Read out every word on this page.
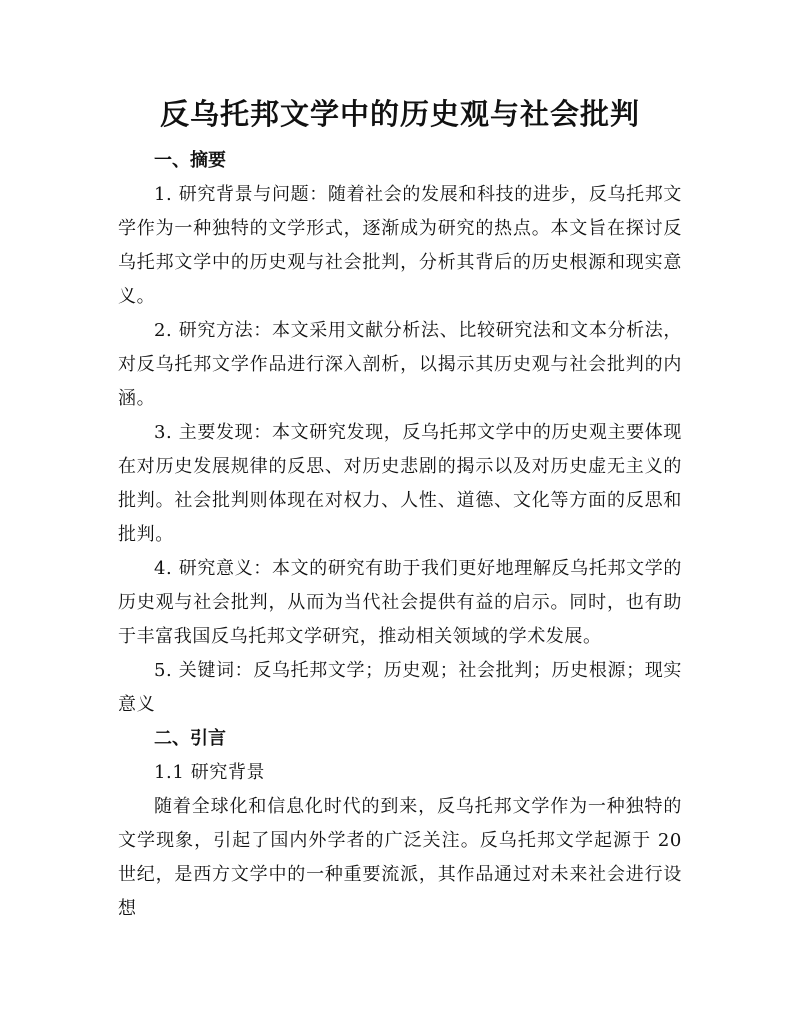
反乌托邦文学中的历史观与社会批判
一、摘要

1. 研究背景与问题：随着社会的发展和科技的进步，反乌托邦文学作为一种独特的文学形式，逐渐成为研究的热点。本文旨在探讨反乌托邦文学中的历史观与社会批判，分析其背后的历史根源和现实意义。

2. 研究方法：本文采用文献分析法、比较研究法和文本分析法，对反乌托邦文学作品进行深入剖析，以揭示其历史观与社会批判的内涵。

3. 主要发现：本文研究发现，反乌托邦文学中的历史观主要体现在对历史发展规律的反思、对历史悲剧的揭示以及对历史虚无主义的批判。社会批判则体现在对权力、人性、道德、文化等方面的反思和批判。

4. 研究意义：本文的研究有助于我们更好地理解反乌托邦文学的历史观与社会批判，从而为当代社会提供有益的启示。同时，也有助于丰富我国反乌托邦文学研究，推动相关领域的学术发展。

5. 关键词：反乌托邦文学；历史观；社会批判；历史根源；现实意义

二、引言

1.1 研究背景

随着全球化和信息化时代的到来，反乌托邦文学作为一种独特的文学现象，引起了国内外学者的广泛关注。反乌托邦文学起源于 20 世纪，是西方文学中的一种重要流派，其作品通过对未来社会进行设想
